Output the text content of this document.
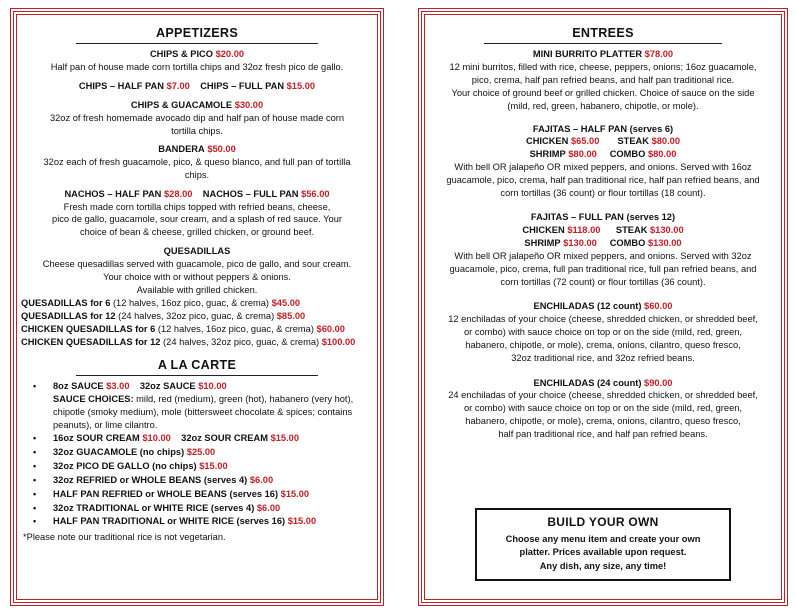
APPETIZERS
CHIPS & PICO $20.00
Half pan of house made corn tortilla chips and 32oz fresh pico de gallo.
CHIPS – HALF PAN $7.00 CHIPS – FULL PAN $15.00
CHIPS & GUACAMOLE $30.00
32oz of fresh homemade avocado dip and half pan of house made corn
tortilla chips.
BANDERA $50.00
32oz each of fresh guacamole, pico, & queso blanco, and full pan of tortilla
chips.
NACHOS – HALF PAN $28.00 NACHOS – FULL PAN $56.00
Fresh made corn tortilla chips topped with refried beans, cheese,
pico de gallo, guacamole, sour cream, and a splash of red sauce. Your
choice of bean & cheese, grilled chicken, or ground beef.
QUESADILLAS
Cheese quesadillas served with guacamole, pico de gallo, and sour cream.
Your choice with or without peppers & onions.
Available with grilled chicken.
QUESADILLAS for 6 (12 halves, 16oz pico, guac, & crema) $45.00
QUESADILLAS for 12 (24 halves, 32oz pico, guac, & crema) $85.00
CHICKEN QUESADILLAS for 6 (12 halves, 16oz pico, guac, & crema) $60.00
CHICKEN QUESADILLAS for 12 (24 halves, 32oz pico, guac, & crema) $100.00
A LA CARTE
• 8oz SAUCE $3.00 32oz SAUCE $10.00
SAUCE CHOICES: mild, red (medium), green (hot), habanero (very hot), chipotle (smoky medium), mole (bittersweet chocolate & spices; contains peanuts), or lime cilantro.
• 16oz SOUR CREAM $10.00 32oz SOUR CREAM $15.00
• 32oz GUACAMOLE (no chips) $25.00
• 32oz PICO DE GALLO (no chips) $15.00
• 32oz REFRIED or WHOLE BEANS (serves 4) $6.00
• HALF PAN REFRIED or WHOLE BEANS (serves 16) $15.00
• 32oz TRADITIONAL or WHITE RICE (serves 4) $6.00
• HALF PAN TRADITIONAL or WHITE RICE (serves 16) $15.00
*Please note our traditional rice is not vegetarian.
ENTREES
MINI BURRITO PLATTER $78.00
12 mini burritos, filled with rice, cheese, peppers, onions; 16oz guacamole,
pico, crema, half pan refried beans, and half pan traditional rice.
Your choice of ground beef or grilled chicken. Choice of sauce on the side
(mild, red, green, habanero, chipotle, or mole).
FAJITAS – HALF PAN (serves 6)
CHICKEN $65.00 STEAK $80.00
SHRIMP $80.00 COMBO $80.00
With bell OR jalapeño OR mixed peppers, and onions. Served with 16oz
guacamole, pico, crema, half pan traditional rice, half pan refried beans, and
corn tortillas (36 count) or flour tortillas (18 count).
FAJITAS – FULL PAN (serves 12)
CHICKEN $118.00 STEAK $130.00
SHRIMP $130.00 COMBO $130.00
With bell OR jalapeño OR mixed peppers, and onions. Served with 32oz
guacamole, pico, crema, full pan traditional rice, full pan refried beans, and
corn tortillas (72 count) or flour tortillas (36 count).
ENCHILADAS (12 count) $60.00
12 enchiladas of your choice (cheese, shredded chicken, or shredded beef,
or combo) with sauce choice on top or on the side (mild, red, green,
habanero, chipotle, or mole), crema, onions, cilantro, queso fresco,
32oz traditional rice, and 32oz refried beans.
ENCHILADAS (24 count) $90.00
24 enchiladas of your choice (cheese, shredded chicken, or shredded beef,
or combo) with sauce choice on top or on the side (mild, red, green,
habanero, chipotle, or mole), crema, onions, cilantro, queso fresco,
half pan traditional rice, and half pan refried beans.
BUILD YOUR OWN
Choose any menu item and create your own
platter. Prices available upon request.
Any dish, any size, any time!
